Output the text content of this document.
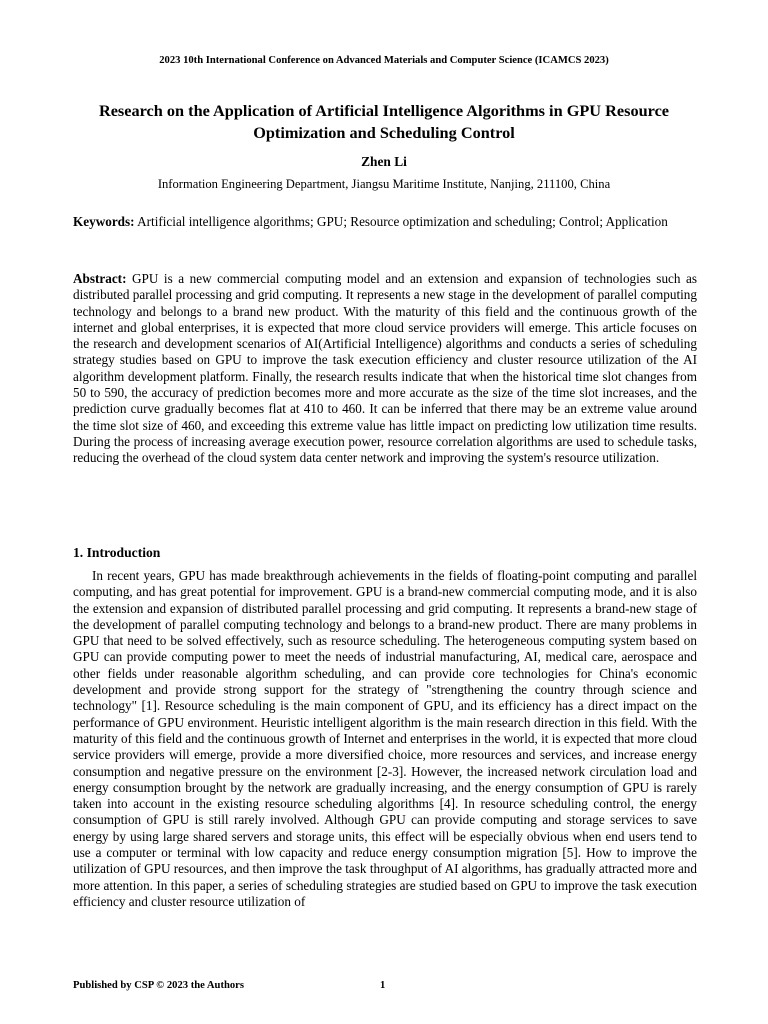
2023 10th International Conference on Advanced Materials and Computer Science (ICAMCS 2023)
Research on the Application of Artificial Intelligence Algorithms in GPU Resource Optimization and Scheduling Control
Zhen Li
Information Engineering Department, Jiangsu Maritime Institute, Nanjing, 211100, China

Keywords: Artificial intelligence algorithms; GPU; Resource optimization and scheduling; Control; Application

Abstract: GPU is a new commercial computing model and an extension and expansion of technologies such as distributed parallel processing and grid computing. It represents a new stage in the development of parallel computing technology and belongs to a brand new product. With the maturity of this field and the continuous growth of the internet and global enterprises, it is expected that more cloud service providers will emerge. This article focuses on the research and development scenarios of AI(Artificial Intelligence) algorithms and conducts a series of scheduling strategy studies based on GPU to improve the task execution efficiency and cluster resource utilization of the AI algorithm development platform. Finally, the research results indicate that when the historical time slot changes from 50 to 590, the accuracy of prediction becomes more and more accurate as the size of the time slot increases, and the prediction curve gradually becomes flat at 410 to 460. It can be inferred that there may be an extreme value around the time slot size of 460, and exceeding this extreme value has little impact on predicting low utilization time results. During the process of increasing average execution power, resource correlation algorithms are used to schedule tasks, reducing the overhead of the cloud system data center network and improving the system's resource utilization.

1. Introduction

In recent years, GPU has made breakthrough achievements in the fields of floating-point computing and parallel computing, and has great potential for improvement. GPU is a brand-new commercial computing mode, and it is also the extension and expansion of distributed parallel processing and grid computing. It represents a brand-new stage of the development of parallel computing technology and belongs to a brand-new product. There are many problems in GPU that need to be solved effectively, such as resource scheduling. The heterogeneous computing system based on GPU can provide computing power to meet the needs of industrial manufacturing, AI, medical care, aerospace and other fields under reasonable algorithm scheduling, and can provide core technologies for China's economic development and provide strong support for the strategy of "strengthening the country through science and technology" [1]. Resource scheduling is the main component of GPU, and its efficiency has a direct impact on the performance of GPU environment. Heuristic intelligent algorithm is the main research direction in this field. With the maturity of this field and the continuous growth of Internet and enterprises in the world, it is expected that more cloud service providers will emerge, provide a more diversified choice, more resources and services, and increase energy consumption and negative pressure on the environment [2-3]. However, the increased network circulation load and energy consumption brought by the network are gradually increasing, and the energy consumption of GPU is rarely taken into account in the existing resource scheduling algorithms [4]. In resource scheduling control, the energy consumption of GPU is still rarely involved. Although GPU can provide computing and storage services to save energy by using large shared servers and storage units, this effect will be especially obvious when end users tend to use a computer or terminal with low capacity and reduce energy consumption migration [5]. How to improve the utilization of GPU resources, and then improve the task throughput of AI algorithms, has gradually attracted more and more attention. In this paper, a series of scheduling strategies are studied based on GPU to improve the task execution efficiency and cluster resource utilization of

Published by CSP © 2023 the Authors	1
